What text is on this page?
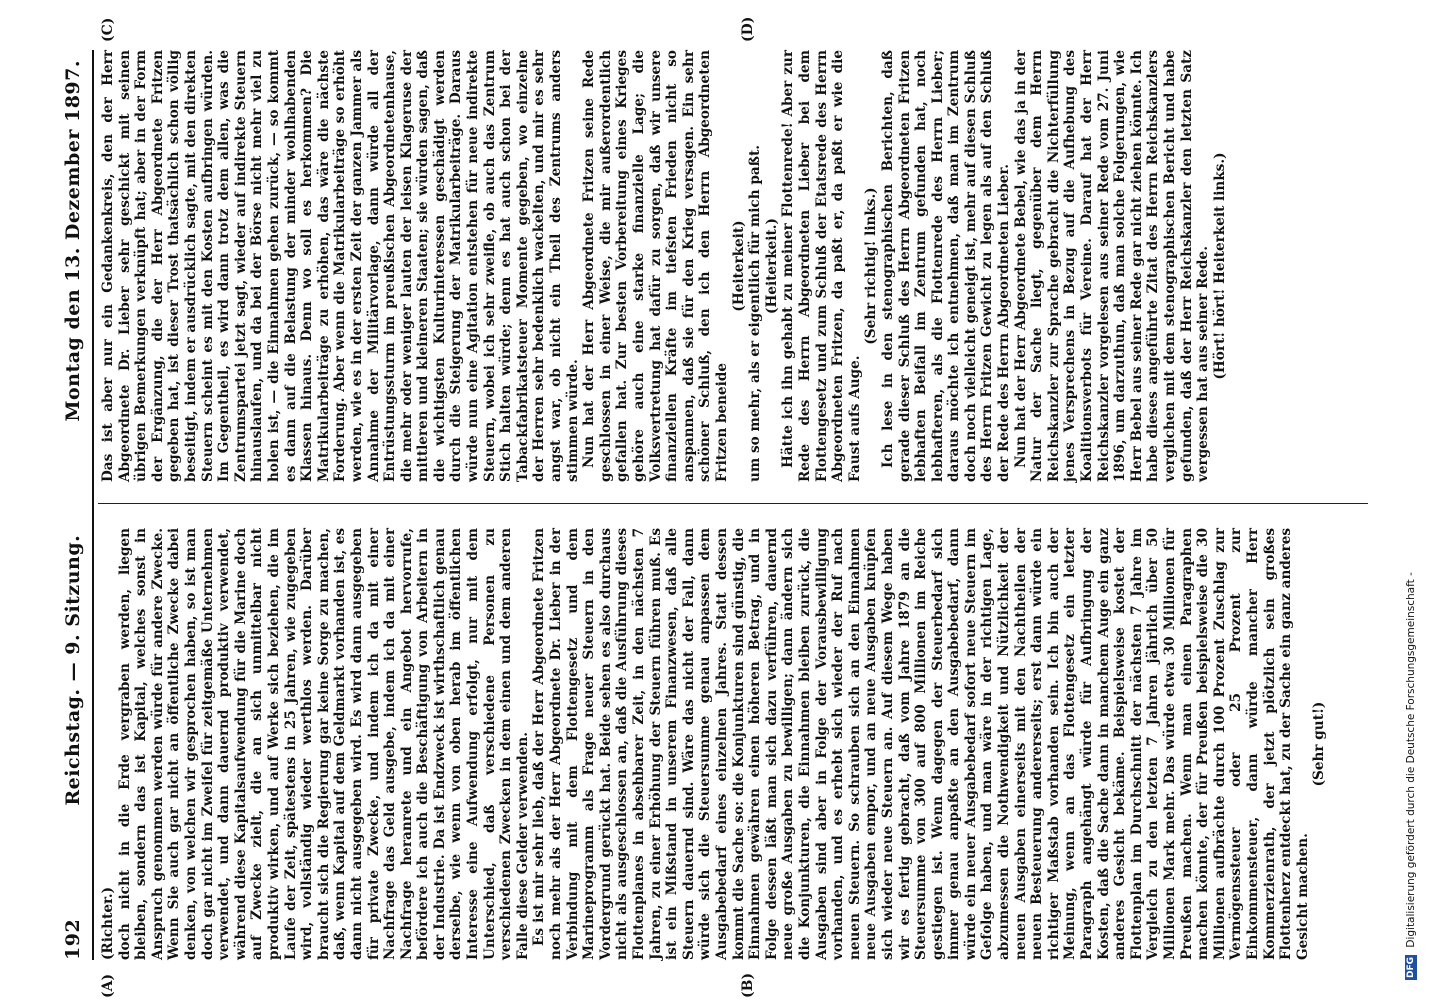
192
Reichstag. — 9. Sitzung.
Montag den 13. Dezember 1897.
(A)	(B)
(C)	(D)

(Richter.) doch nicht in die Erde vergraben werden, liegen bleiben, sondern das ist Kapital, welches sonst in Anspruch genommen werden würde für andere Zwecke. Wenn Sie auch gar nicht an öffentliche Zwecke dabei denken, von welchen wir gesprochen haben, so ist man doch gar nicht im Zweifel für zeitgemäße Unternehmen verwendet, und dann dauernd produktiv verwendet, während diese Kapitalsaufwendung für die Marine doch auf Zwecke zielt, die an sich unmittelbar nicht produktiv wirken, und auf Werke sich beziehen, die im Laufe der Zeit, spätestens in 25 Jahren, wie zugegeben wird, vollständig wieder werthlos werden. Darüber braucht sich die Regierung gar keine Sorge zu machen, daß, wenn Kapital auf dem Geldmarkt vorhanden ist, es dann nicht ausgegeben wird. Es wird dann ausgegeben für private Zwecke, und indem ich da mit einer Nachfrage das Geld ausgebe, indem ich da mit einer Nachfrage heranrete und ein Angebot hervorrufe, befördere ich auch die Beschäftigung von Arbeitern in der Industrie. Da ist Endzweck ist wirthschaftlich genau derselbe, wie wenn von oben herab im öffentlichen Interesse eine Aufwendung erfolgt, nur mit dem Unterschied, daß verschiedene Personen zu verschiedenen Zwecken in dem einen und dem anderen Falle diese Gelder verwenden. Es ist mir sehr lieb, daß der Herr Abgeordnete Fritzen noch mehr als der Herr Abgeordnete Dr. Lieber in der Verbindung mit dem Flottengesetz und dem Marineprogramm als Frage neuer Steuern in den Vordergrund gerückt hat. Beide sehen es also durchaus nicht als ausgeschlossen an, daß die Ausführung dieses Flottenplanes in absehbarer Zeit, in den nächsten 7 Jahren, zu einer Erhöhung der Steuern führen muß. Es ist ein Mißstand in unserem Finanzwesen, daß alle Steuern dauernd sind. Wäre das nicht der Fall, dann würde sich die Steuersumme genau anpassen dem Ausgabebedarf eines einzelnen Jahres. Statt dessen kommt die Sache so: die Konjunkturen sind günstig, die Einnahmen gewähren einen höheren Betrag, und in Folge dessen läßt man sich dazu verführen, dauernd neue große Ausgaben zu bewilligen; dann ändern sich die Konjunkturen, die Einnahmen bleiben zurück, die Ausgaben sind aber in Folge der Vorausbewilligung vorhanden, und es erhebt sich wieder der Ruf nach neuen Steuern. So schrauben sich an den Einnahmen neue Ausgaben empor, und an neue Ausgaben knüpfen sich wieder neue Steuern an. Auf diesem Wege haben wir es fertig gebracht, daß vom Jahre 1879 an die Steuersumme von 300 auf 800 Millionen im Reiche gestiegen ist. Wenn dagegen der Steuerbedarf sich immer genau anpaßte an den Ausgabebedarf, dann würde ein neuer Ausgabebedarf sofort neue Steuern im Gefolge haben, und man wäre in der richtigen Lage, abzumessen die Nothwendigkeit und Nützlichkeit der neuen Ausgaben einerseits mit den Nachtheilen der neuen Besteuerung andererseits; erst dann würde ein richtiger Maßstab vorhanden sein. Ich bin auch der Meinung, wenn an das Flottengesetz ein letzter Paragraph angehängt würde für Aufbringung der Kosten, daß die Sache dann in manchem Auge ein ganz anderes Gesicht bekäme. Beispielsweise kostet der Flottenplan im Durchschnitt der nächsten 7 Jahre im Vergleich zu den letzten 7 Jahren jährlich über 50 Millionen Mark mehr. Das würde etwa 30 Millionen für Preußen machen. Wenn man einen Paragraphen machen könnte, der für Preußen beispielsweise die 30 Millionen aufbrächte durch 100 Prozent Zuschlag zur Vermögenssteuer oder 25 Prozent zur Einkommensteuer, dann würde mancher Herr Kommerzienrath, der jetzt plötzlich sein großes Flottenherz entdeckt hat, zu der Sache ein ganz anderes Gesicht machen.

(Sehr gut!)

Das ist aber nur ein Gedankenkreis, den der Herr Abgeordnete Dr. Lieber sehr geschickt mit seinen übrigen Bemerkungen verknüpft hat; aber in der Form der Ergänzung, die der Herr Abgeordnete Fritzen gegeben hat, ist dieser Trost thatsächlich schon völlig beseitigt, indem er ausdrücklich sagte, mit den direkten Steuern scheint es mit den Kosten aufbringen würden. Im Gegentheil, es wird dann trotz dem allen, was die Zentrumspartei jetzt sagt, wieder auf indirekte Steuern hinauslaufen, und da bei der Börse nicht mehr viel zu holen ist, — die Einnahmen gehen zurück, — so kommt es dann auf die Belastung der minder wohlhabenden Klassen hinaus. Denn wo soll es herkommen? Die Matrikularbeiträge zu erhöhen, das wäre die nächste Forderung. Aber wenn die Matrikularbeiträge so erhöht werden, wie es in der ersten Zeit der ganzen Jammer als Annahme der Militärvorlage, dann würde all der Entrüstungssturm im preußischen Abgeordnetenhause, die mehr oder weniger lauten der leisen Klageruse der mittleren und kleineren Staaten; sie würden sagen, daß die wichtigsten Kulturinteressen geschädigt werden durch die Steigerung der Matrikularbeiträge. Daraus würde nun eine Agitation entstehen für neue indirekte Steuern, wobei ich sehr zweifle, ob auch das Zentrum Stich halten würde; denn es hat auch schon bei der Tabackfabrikatsteuer Momente gegeben, wo einzelne der Herren sehr bedenklich wackelten, und mir es sehr angst war, ob nicht ein Theil des Zentrums anders stimmen würde. Nun hat der Herr Abgeordnete Fritzen seine Rede geschlossen in einer Weise, die mir außerordentlich gefallen hat. Zur besten Vorbereitung eines Krieges gehöre auch eine starke finanzielle Lage; die Volksvertretung hat dafür zu sorgen, daß wir unsere finanziellen Kräfte im tiefsten Frieden nicht so anspannen, daß sie für den Krieg versagen. Ein sehr schöner Schluß, den ich den Herrn Abgeordneten Fritzen beneide

(Heiterkeit) um so mehr, als er eigentlich für mich paßt. (Heiterkeit.) Hätte ich ihn gehabt zu meiner Flottenrede! Aber zur Rede des Herrn Abgeordneten Lieber bei dem Flottengesetz und zum Schluß der Etatsrede des Herrn Abgeordneten Fritzen, da paßt er, da paßt er wie die Faust aufs Auge.

(Sehr richtig! links.) Ich lese in den stenographischen Berichten, daß gerade dieser Schluß des Herrn Abgeordneten Fritzen lebhaften Beifall im Zentrum gefunden hat, noch lebhafteren, als die Flottenrede des Herrn Lieber; daraus möchte ich entnehmen, daß man im Zentrum doch noch vielleicht geneigt ist, mehr auf diesen Schluß des Herrn Fritzen Gewicht zu legen als auf den Schluß der Rede des Herrn Abgeordneten Lieber. Nun hat der Herr Abgeordnete Bebel, wie das ja in der Natur der Sache liegt, gegenüber dem Herrn Reichskanzler zur Sprache gebracht die Nichterfüllung jenes Versprechens in Bezug auf die Aufhebung des Koalitionsverbots für Vereine. Darauf hat der Herr Reichskanzler vorgelesen aus seiner Rede vom 27. Juni 1896, um darzuthun, daß man solche Folgerungen, wie Herr Bebel aus seiner Rede gar nicht ziehen könnte. Ich habe dieses angeführte Zitat des Herrn Reichskanzlers verglichen mit dem stenographischen Bericht und habe gefunden, daß der Herr Reichskanzler den letzten Satz vergessen hat aus seiner Rede. (Hört! hört! Heiterkeit links.)

DFG Digitalisierung gefördert durch die Deutsche Forschungsgemeinschaft -
